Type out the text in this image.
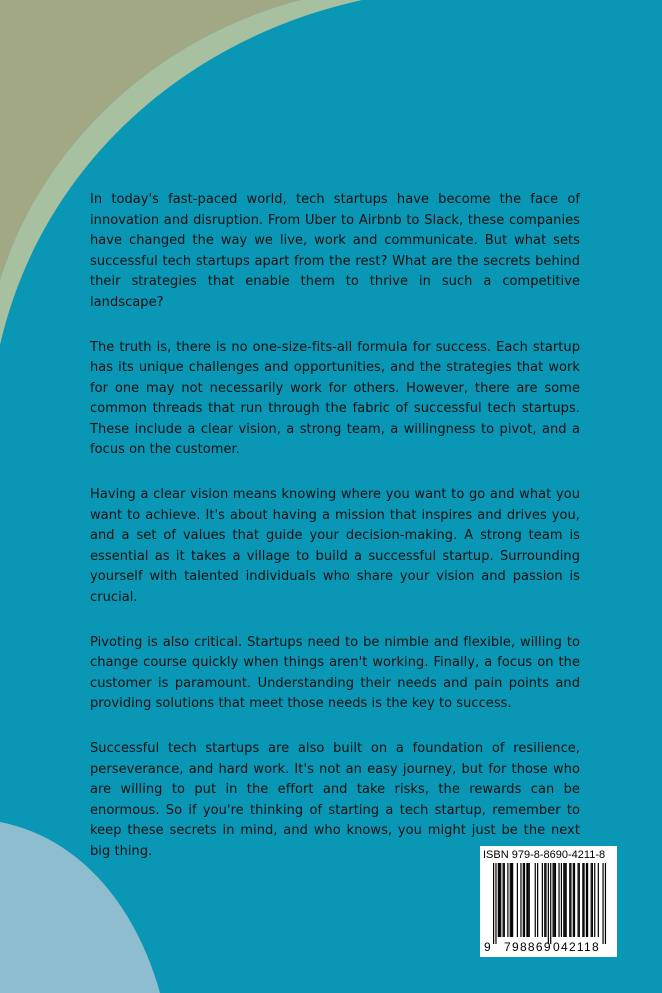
In today's fast-paced world, tech startups have become the face of innovation and disruption. From Uber to Airbnb to Slack, these companies have changed the way we live, work and communicate. But what sets successful tech startups apart from the rest? What are the secrets behind their strategies that enable them to thrive in such a competitive landscape?

The truth is, there is no one-size-fits-all formula for success. Each startup has its unique challenges and opportunities, and the strategies that work for one may not necessarily work for others. However, there are some common threads that run through the fabric of successful tech startups. These include a clear vision, a strong team, a willingness to pivot, and a focus on the customer.

Having a clear vision means knowing where you want to go and what you want to achieve. It's about having a mission that inspires and drives you, and a set of values that guide your decision-making. A strong team is essential as it takes a village to build a successful startup. Surrounding yourself with talented individuals who share your vision and passion is crucial.

Pivoting is also critical. Startups need to be nimble and flexible, willing to change course quickly when things aren't working. Finally, a focus on the customer is paramount. Understanding their needs and pain points and providing solutions that meet those needs is the key to success.

Successful tech startups are also built on a foundation of resilience, perseverance, and hard work. It's not an easy journey, but for those who are willing to put in the effort and take risks, the rewards can be enormous. So if you're thinking of starting a tech startup, remember to keep these secrets in mind, and who knows, you might just be the next big thing.	ISBN 979-8-8690-4211-8
9 798869 042118
